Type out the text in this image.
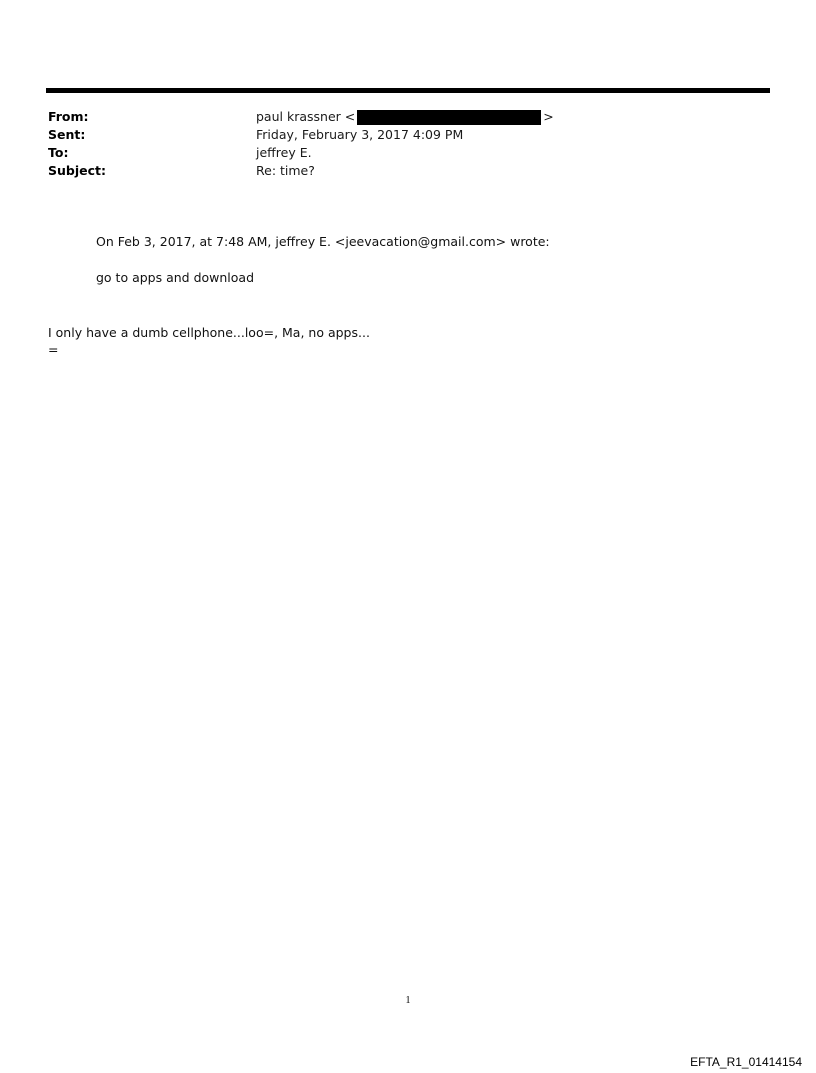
From:	paul krassner <	>
Sent:	Friday, February 3, 2017 4:09 PM
To:	jeffrey E.
Subject:	Re: time?
On Feb 3, 2017, at 7:48 AM, jeffrey E. <jeevacation@gmail.com> wrote:
go to apps and download
I only have a dumb cellphone...loo=, Ma, no apps...
=
1
EFTA_R1_01414154
